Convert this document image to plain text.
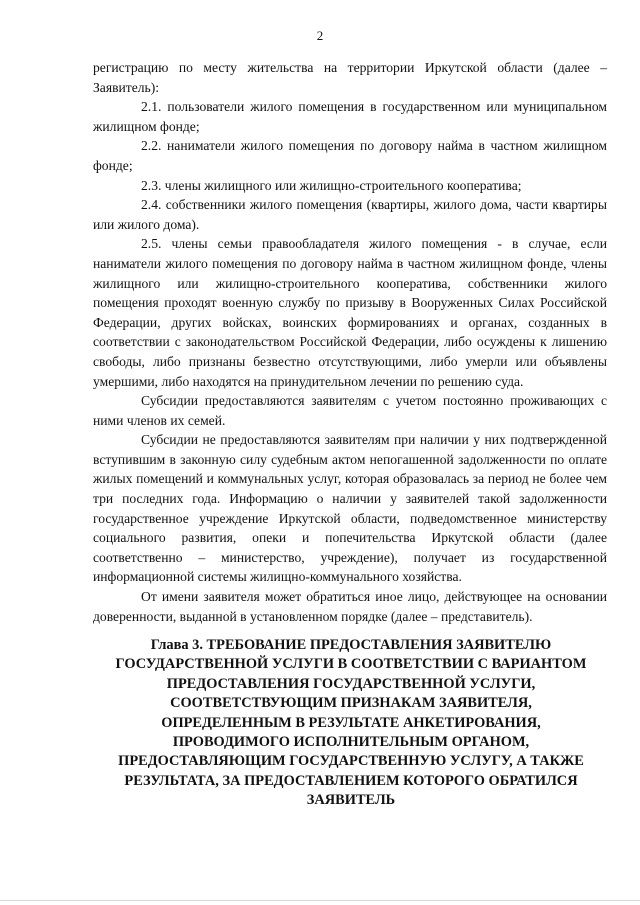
2

регистрацию по месту жительства на территории Иркутской области (далее – Заявитель):

2.1. пользователи жилого помещения в государственном или муниципальном жилищном фонде;

2.2. наниматели жилого помещения по договору найма в частном жилищном фонде;

2.3. члены жилищного или жилищно-строительного кооператива;

2.4. собственники жилого помещения (квартиры, жилого дома, части квартиры или жилого дома).

2.5. члены семьи правообладателя жилого помещения - в случае, если наниматели жилого помещения по договору найма в частном жилищном фонде, члены жилищного или жилищно-строительного кооператива, собственники жилого помещения проходят военную службу по призыву в Вооруженных Силах Российской Федерации, других войсках, воинских формированиях и органах, созданных в соответствии с законодательством Российской Федерации, либо осуждены к лишению свободы, либо признаны безвестно отсутствующими, либо умерли или объявлены умершими, либо находятся на принудительном лечении по решению суда.

Субсидии предоставляются заявителям с учетом постоянно проживающих с ними членов их семей.

Субсидии не предоставляются заявителям при наличии у них подтвержденной вступившим в законную силу судебным актом непогашенной задолженности по оплате жилых помещений и коммунальных услуг, которая образовалась за период не более чем три последних года. Информацию о наличии у заявителей такой задолженности государственное учреждение Иркутской области, подведомственное министерству социального развития, опеки и попечительства Иркутской области (далее соответственно – министерство, учреждение), получает из государственной информационной системы жилищно-коммунального хозяйства.

От имени заявителя может обратиться иное лицо, действующее на основании доверенности, выданной в установленном порядке (далее – представитель).

Глава 3. ТРЕБОВАНИЕ ПРЕДОСТАВЛЕНИЯ ЗАЯВИТЕЛЮ
ГОСУДАРСТВЕННОЙ УСЛУГИ В СООТВЕТСТВИИ С ВАРИАНТОМ
ПРЕДОСТАВЛЕНИЯ ГОСУДАРСТВЕННОЙ УСЛУГИ,
СООТВЕТСТВУЮЩИМ ПРИЗНАКАМ ЗАЯВИТЕЛЯ,
ОПРЕДЕЛЕННЫМ В РЕЗУЛЬТАТЕ АНКЕТИРОВАНИЯ,
ПРОВОДИМОГО ИСПОЛНИТЕЛЬНЫМ ОРГАНОМ,
ПРЕДОСТАВЛЯЮЩИМ ГОСУДАРСТВЕННУЮ УСЛУГУ, А ТАКЖЕ
РЕЗУЛЬТАТА, ЗА ПРЕДОСТАВЛЕНИЕМ КОТОРОГО ОБРАТИЛСЯ
ЗАЯВИТЕЛЬ
